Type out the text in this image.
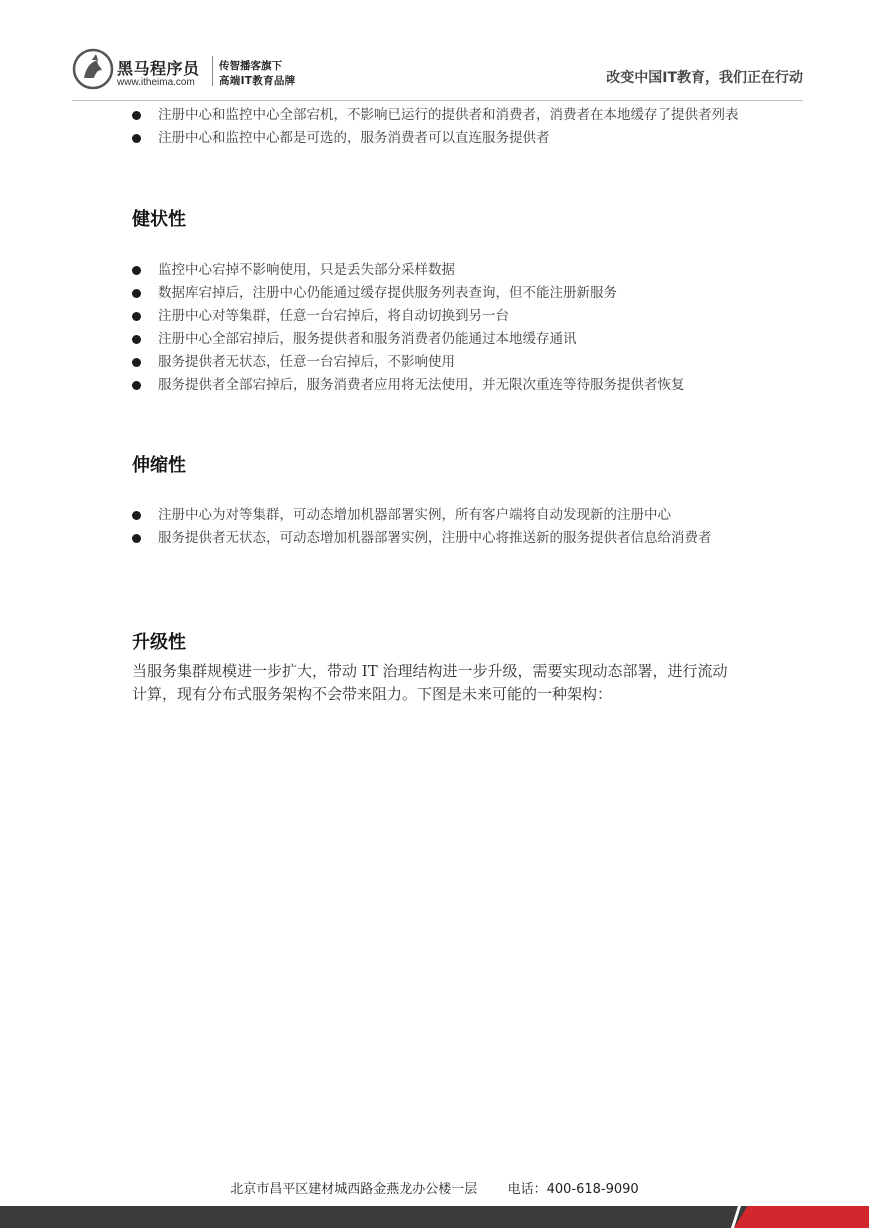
黑马程序员
www.itheima.com
传智播客旗下
高端IT教育品牌	改变中国IT教育，我们正在行动
注册中心和监控中心全部宕机，不影响已运行的提供者和消费者，消费者在本地缓存了提供者列表
注册中心和监控中心都是可选的，服务消费者可以直连服务提供者
健状性
监控中心宕掉不影响使用，只是丢失部分采样数据
数据库宕掉后，注册中心仍能通过缓存提供服务列表查询，但不能注册新服务
注册中心对等集群，任意一台宕掉后，将自动切换到另一台
注册中心全部宕掉后，服务提供者和服务消费者仍能通过本地缓存通讯
服务提供者无状态，任意一台宕掉后，不影响使用
服务提供者全部宕掉后，服务消费者应用将无法使用，并无限次重连等待服务提供者恢复
伸缩性
注册中心为对等集群，可动态增加机器部署实例，所有客户端将自动发现新的注册中心
服务提供者无状态，可动态增加机器部署实例，注册中心将推送新的服务提供者信息给消费者
升级性
当服务集群规模进一步扩大，带动 IT 治理结构进一步升级，需要实现动态部署，进行流动计算，现有分布式服务架构不会带来阻力。下图是未来可能的一种架构：
北京市昌平区建材城西路金燕龙办公楼一层 电话：400-618-9090
